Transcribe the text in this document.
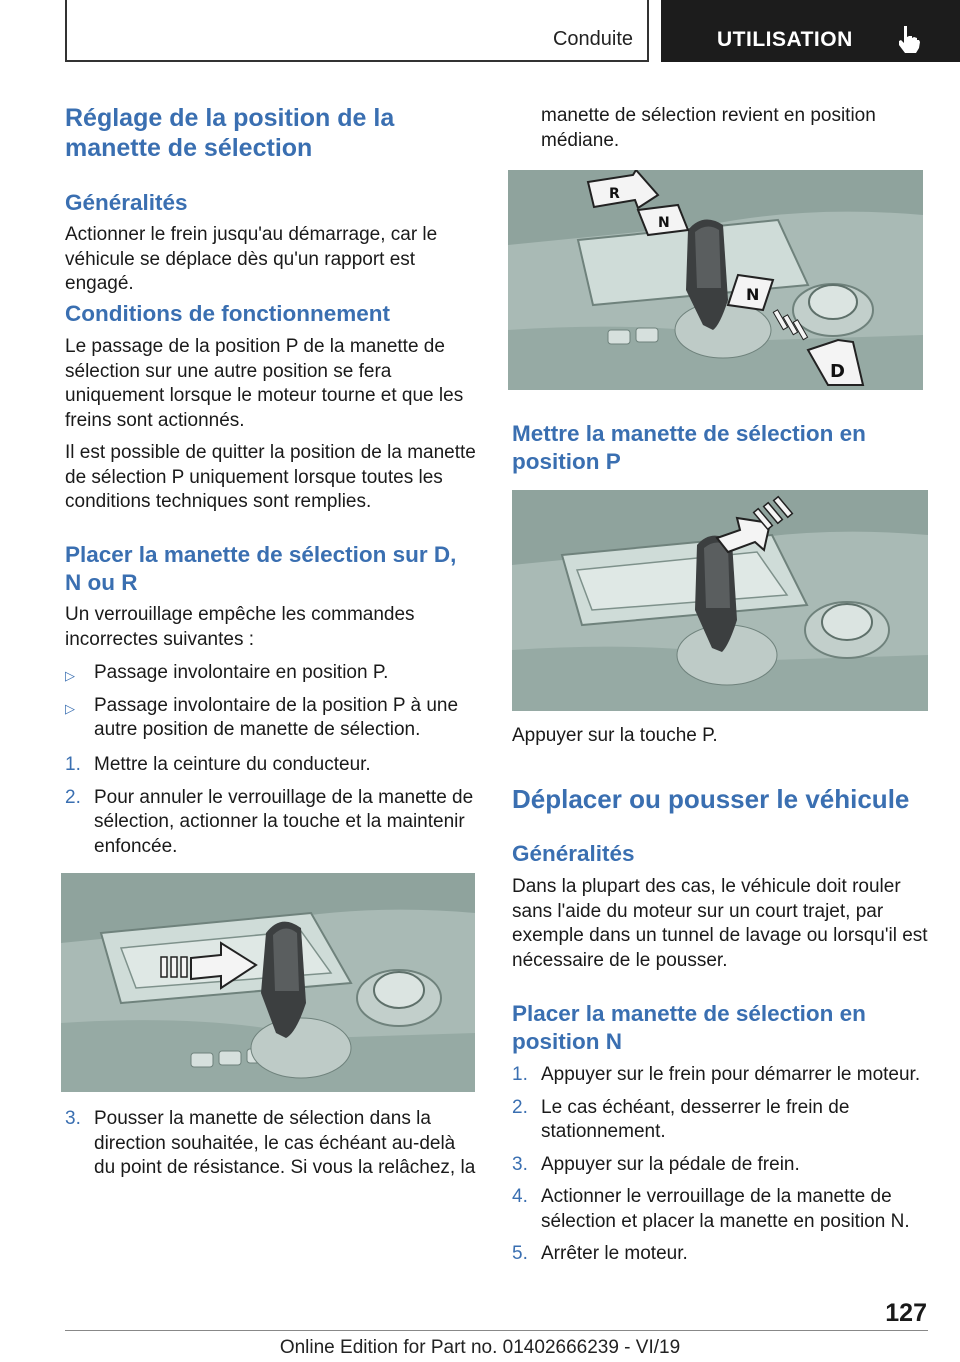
Conduite	UTILISATION
Réglage de la position de la manette de sélection
Généralités

Actionner le frein jusqu'au démarrage, car le véhicule se déplace dès qu'un rapport est engagé.

Conditions de fonctionnement

Le passage de la position P de la manette de sélection sur une autre position se fera uniquement lorsque le moteur tourne et que les freins sont actionnés.

Il est possible de quitter la position de la manette de sélection P uniquement lorsque toutes les conditions techniques sont remplies.

Placer la manette de sélection sur D, N ou R

Un verrouillage empêche les commandes incorrectes suivantes :

▷ Passage involontaire en position P.
▷ Passage involontaire de la position P à une autre position de manette de sélection.
1. Mettre la ceinture du conducteur.
2. Pour annuler le verrouillage de la manette de sélection, actionner la touche et la maintenir enfoncée.
3. Pousser la manette de sélection dans la direction souhaitée, le cas échéant au-delà du point de résistance. Si vous la relâchez, la

manette de sélection revient en position médiane.

Mettre la manette de sélection en position P

Appuyer sur la touche P.

Déplacer ou pousser le véhicule
Généralités

Dans la plupart des cas, le véhicule doit rouler sans l'aide du moteur sur un court trajet, par exemple dans un tunnel de lavage ou lorsqu'il est nécessaire de le pousser.

Placer la manette de sélection en position N
1. Appuyer sur le frein pour démarrer le moteur.
2. Le cas échéant, desserrer le frein de stationnement.
3. Appuyer sur la pédale de frein.
4. Actionner le verrouillage de la manette de sélection et placer la manette en position N.
5. Arrêter le moteur.
R
N
N
D
127
Online Edition for Part no. 01402666239 - VI/19
